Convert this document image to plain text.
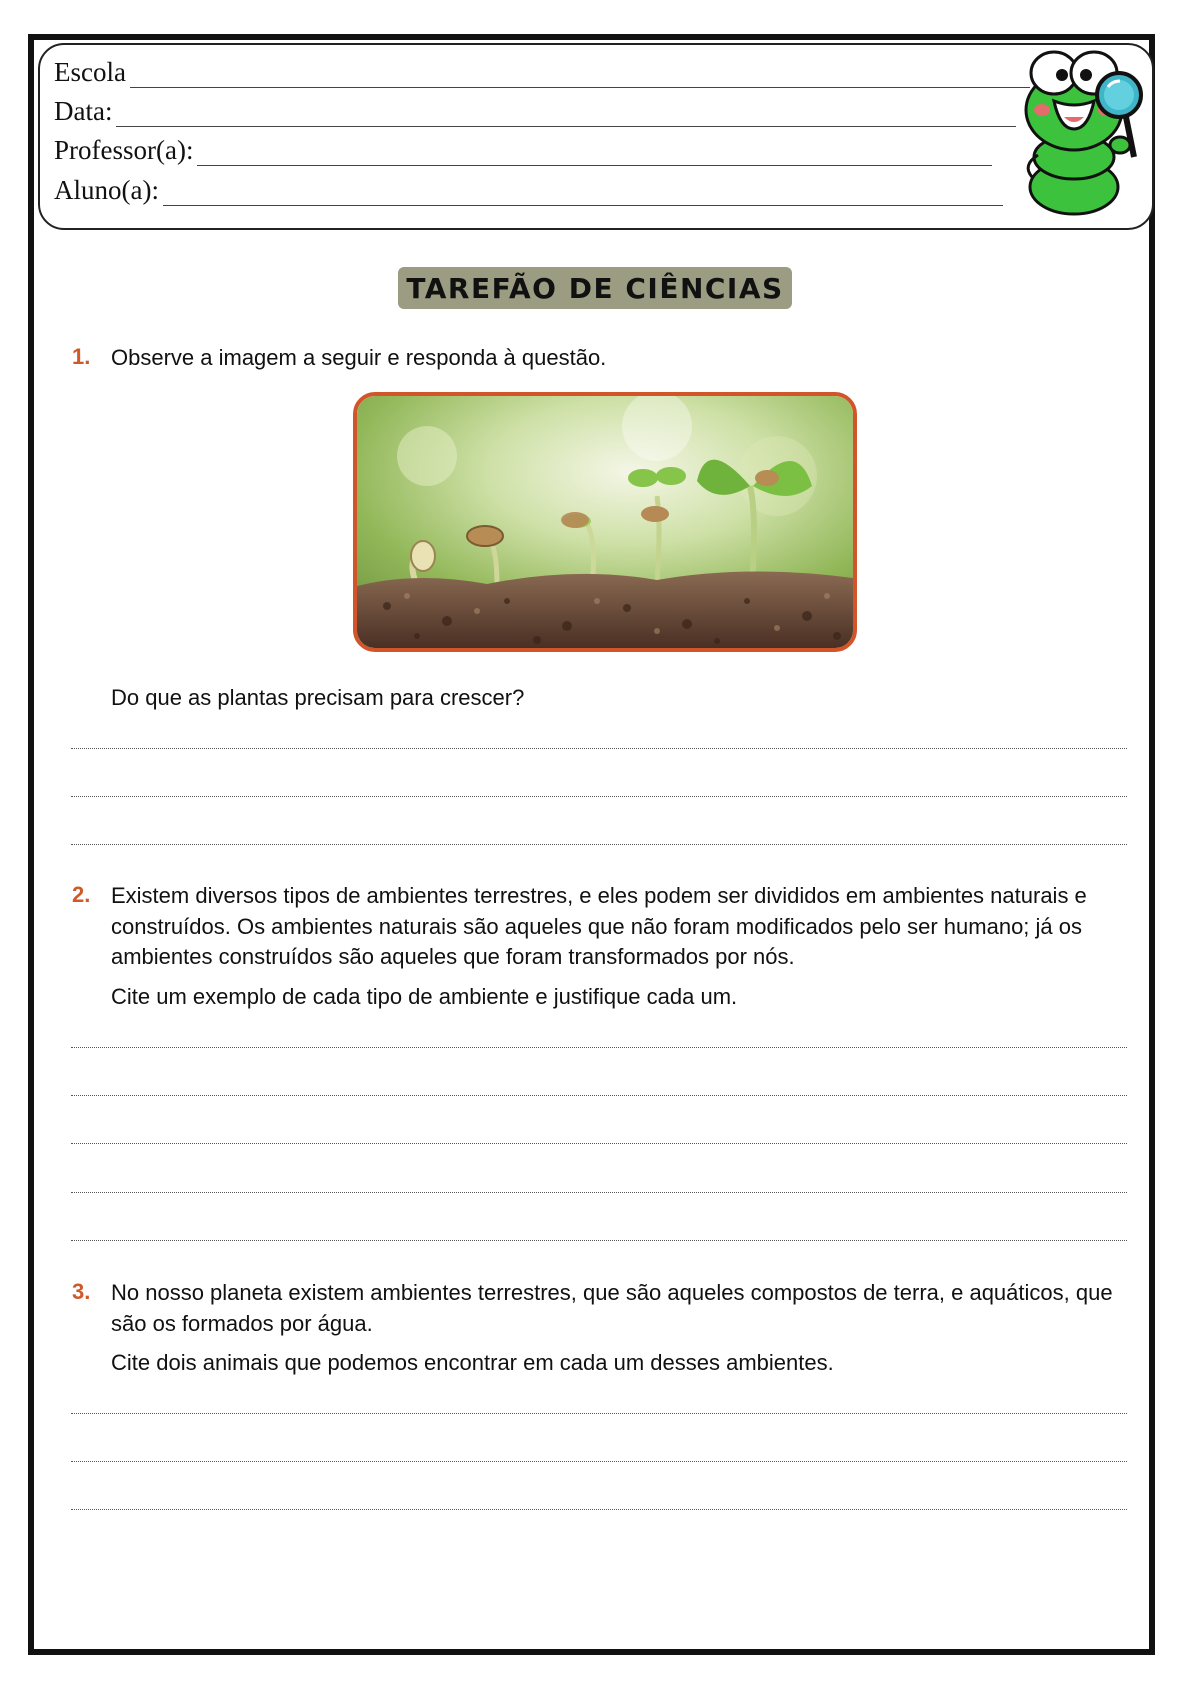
Escola
Data:
Professor(a):
Aluno(a):
TAREFÃO DE CIÊNCIAS
1. Observe a imagem a seguir e responda à questão.
Do que as plantas precisam para crescer?
2. Existem diversos tipos de ambientes terrestres, e eles podem ser divididos em ambientes naturais e construídos. Os ambientes naturais são aqueles que não foram modificados pelo ser humano; já os ambientes construídos são aqueles que foram transformados por nós.
Cite um exemplo de cada tipo de ambiente e justifique cada um.
3. No nosso planeta existem ambientes terrestres, que são aqueles compostos de terra, e aquáticos, que são os formados por água.
Cite dois animais que podemos encontrar em cada um desses ambientes.
